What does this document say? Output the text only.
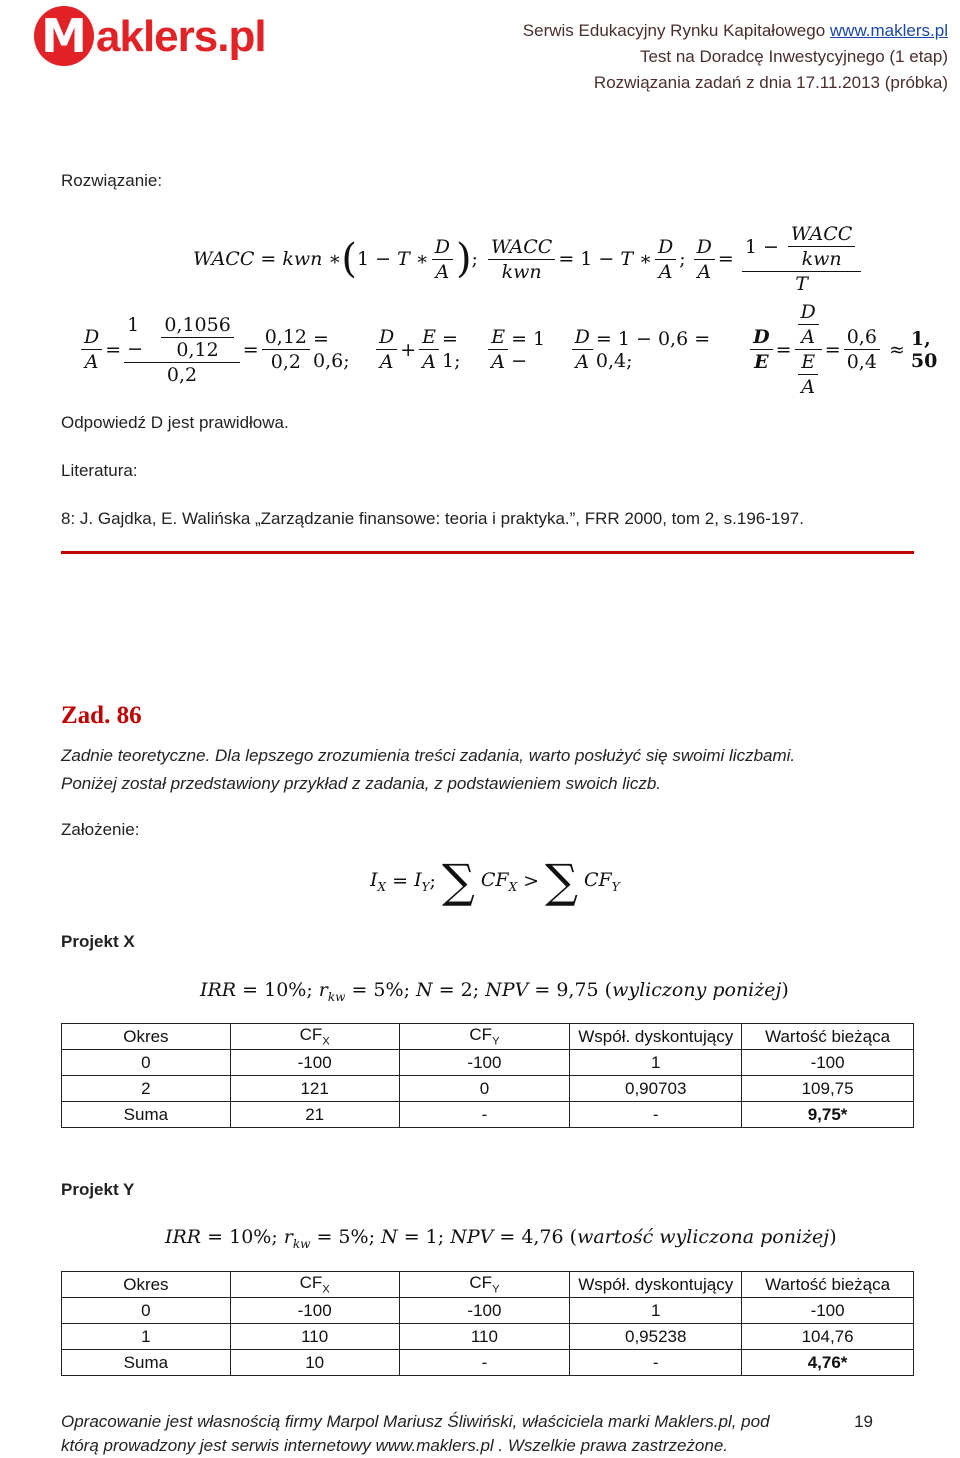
M aklers.pl	Serwis Edukacyjny Rynku Kapitałowego www.maklers.pl
Test na Doradcę Inwestycyjnego (1 etap)
Rozwiązania zadań z dnia 17.11.2013 (próbka)
Rozwiązanie:
WACC = kwn ∗ ( 1 − T ∗ $\frac{D}{A}$ ) ; $\frac{\text{WACC}}{\text{kwn}} = 1 - T$ ∗ $\frac{D}{A}$ ; $\frac{D}{A} = \frac{1 - \frac{\text{WACC}}{\text{kwn}}}{T}$
$\frac{D}{A} = \frac{1 - \frac{0,1056}{0,12}}{0,2} = \frac{0,12}{0,2} = 0,6$;	$\frac{D}{A} + \frac{E}{A} = 1$;	$\frac{E}{A} = 1$ −	$\frac{D}{A} = 1 - 0,6 = 0,4$;	$\frac{D}{E} = \frac{\frac{D}{A}}{\frac{E}{A}} = \frac{0,6}{0,4} \approx 1$, 50
Odpowiedź D jest prawidłowa.
Literatura:
8: J. Gajdka, E. Walińska „Zarządzanie finansowe: teoria i praktyka.”, FRR 2000, tom 2, s.196-197.
Zad. 86
Zadnie teoretyczne. Dla lepszego zrozumienia treści zadania, warto posłużyć się swoimi liczbami.
Poniżej został przedstawiony przykład z zadania, z podstawieniem swoich liczb.
Założenie:
$I_X = I_Y$ ; ∑ $CF_X$ > ∑ $CF_Y$
Projekt X
IRR = 10%; $r_{kw} = 5\%$; N = 2; NPV = 9,75 (wyliczony poniżej)
Okres	$CF_X$	$CF_Y$	Współ. dyskontujący	Wartość bieżąca
0	-100	-100	1	-100
2	121	0	0,90703	109,75
Suma	21	-	-	9,75*
Projekt Y
IRR = 10%; $r_{kw} = 5\%$; N = 1; NPV = 4,76 (wartość wyliczona poniżej)
Okres	$CF_X$	$CF_Y$	Współ. dyskontujący	Wartość bieżąca
0	-100	-100	1	-100
1	110	110	0,95238	104,76
Suma	10	-	-	4,76*
Opracowanie jest własnością firmy Marpol Mariusz Śliwiński, właściciela marki Maklers.pl, pod
którą prowadzony jest serwis internetowy www.maklers.pl . Wszelkie prawa zastrzeżone.
19
